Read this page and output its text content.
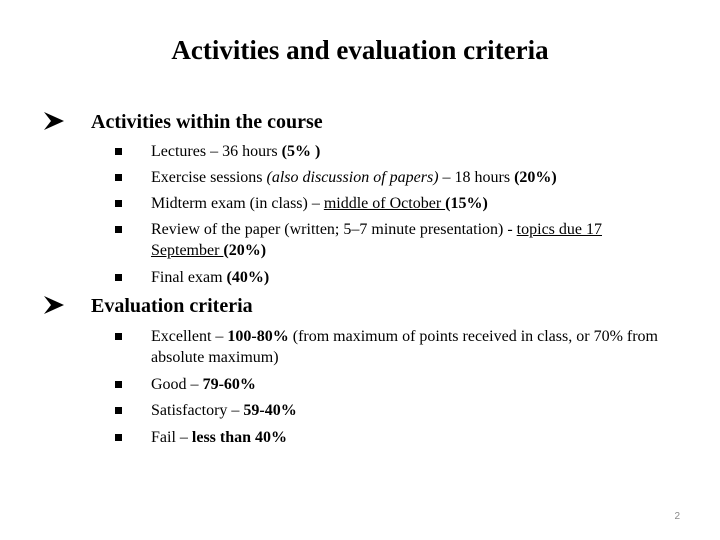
Activities and evaluation criteria
Activities within the course
Lectures – 36 hours (5% )
Exercise sessions (also discussion of papers) – 18 hours (20%)
Midterm exam (in class) – middle of October (15%)
Review of the paper (written; 5–7 minute presentation) - topics due 17 September (20%)
Final exam (40%)
Evaluation criteria
Excellent – 100-80% (from maximum of points received in class, or 70% from absolute maximum)
Good – 79-60%
Satisfactory – 59-40%
Fail – less than 40%
2
